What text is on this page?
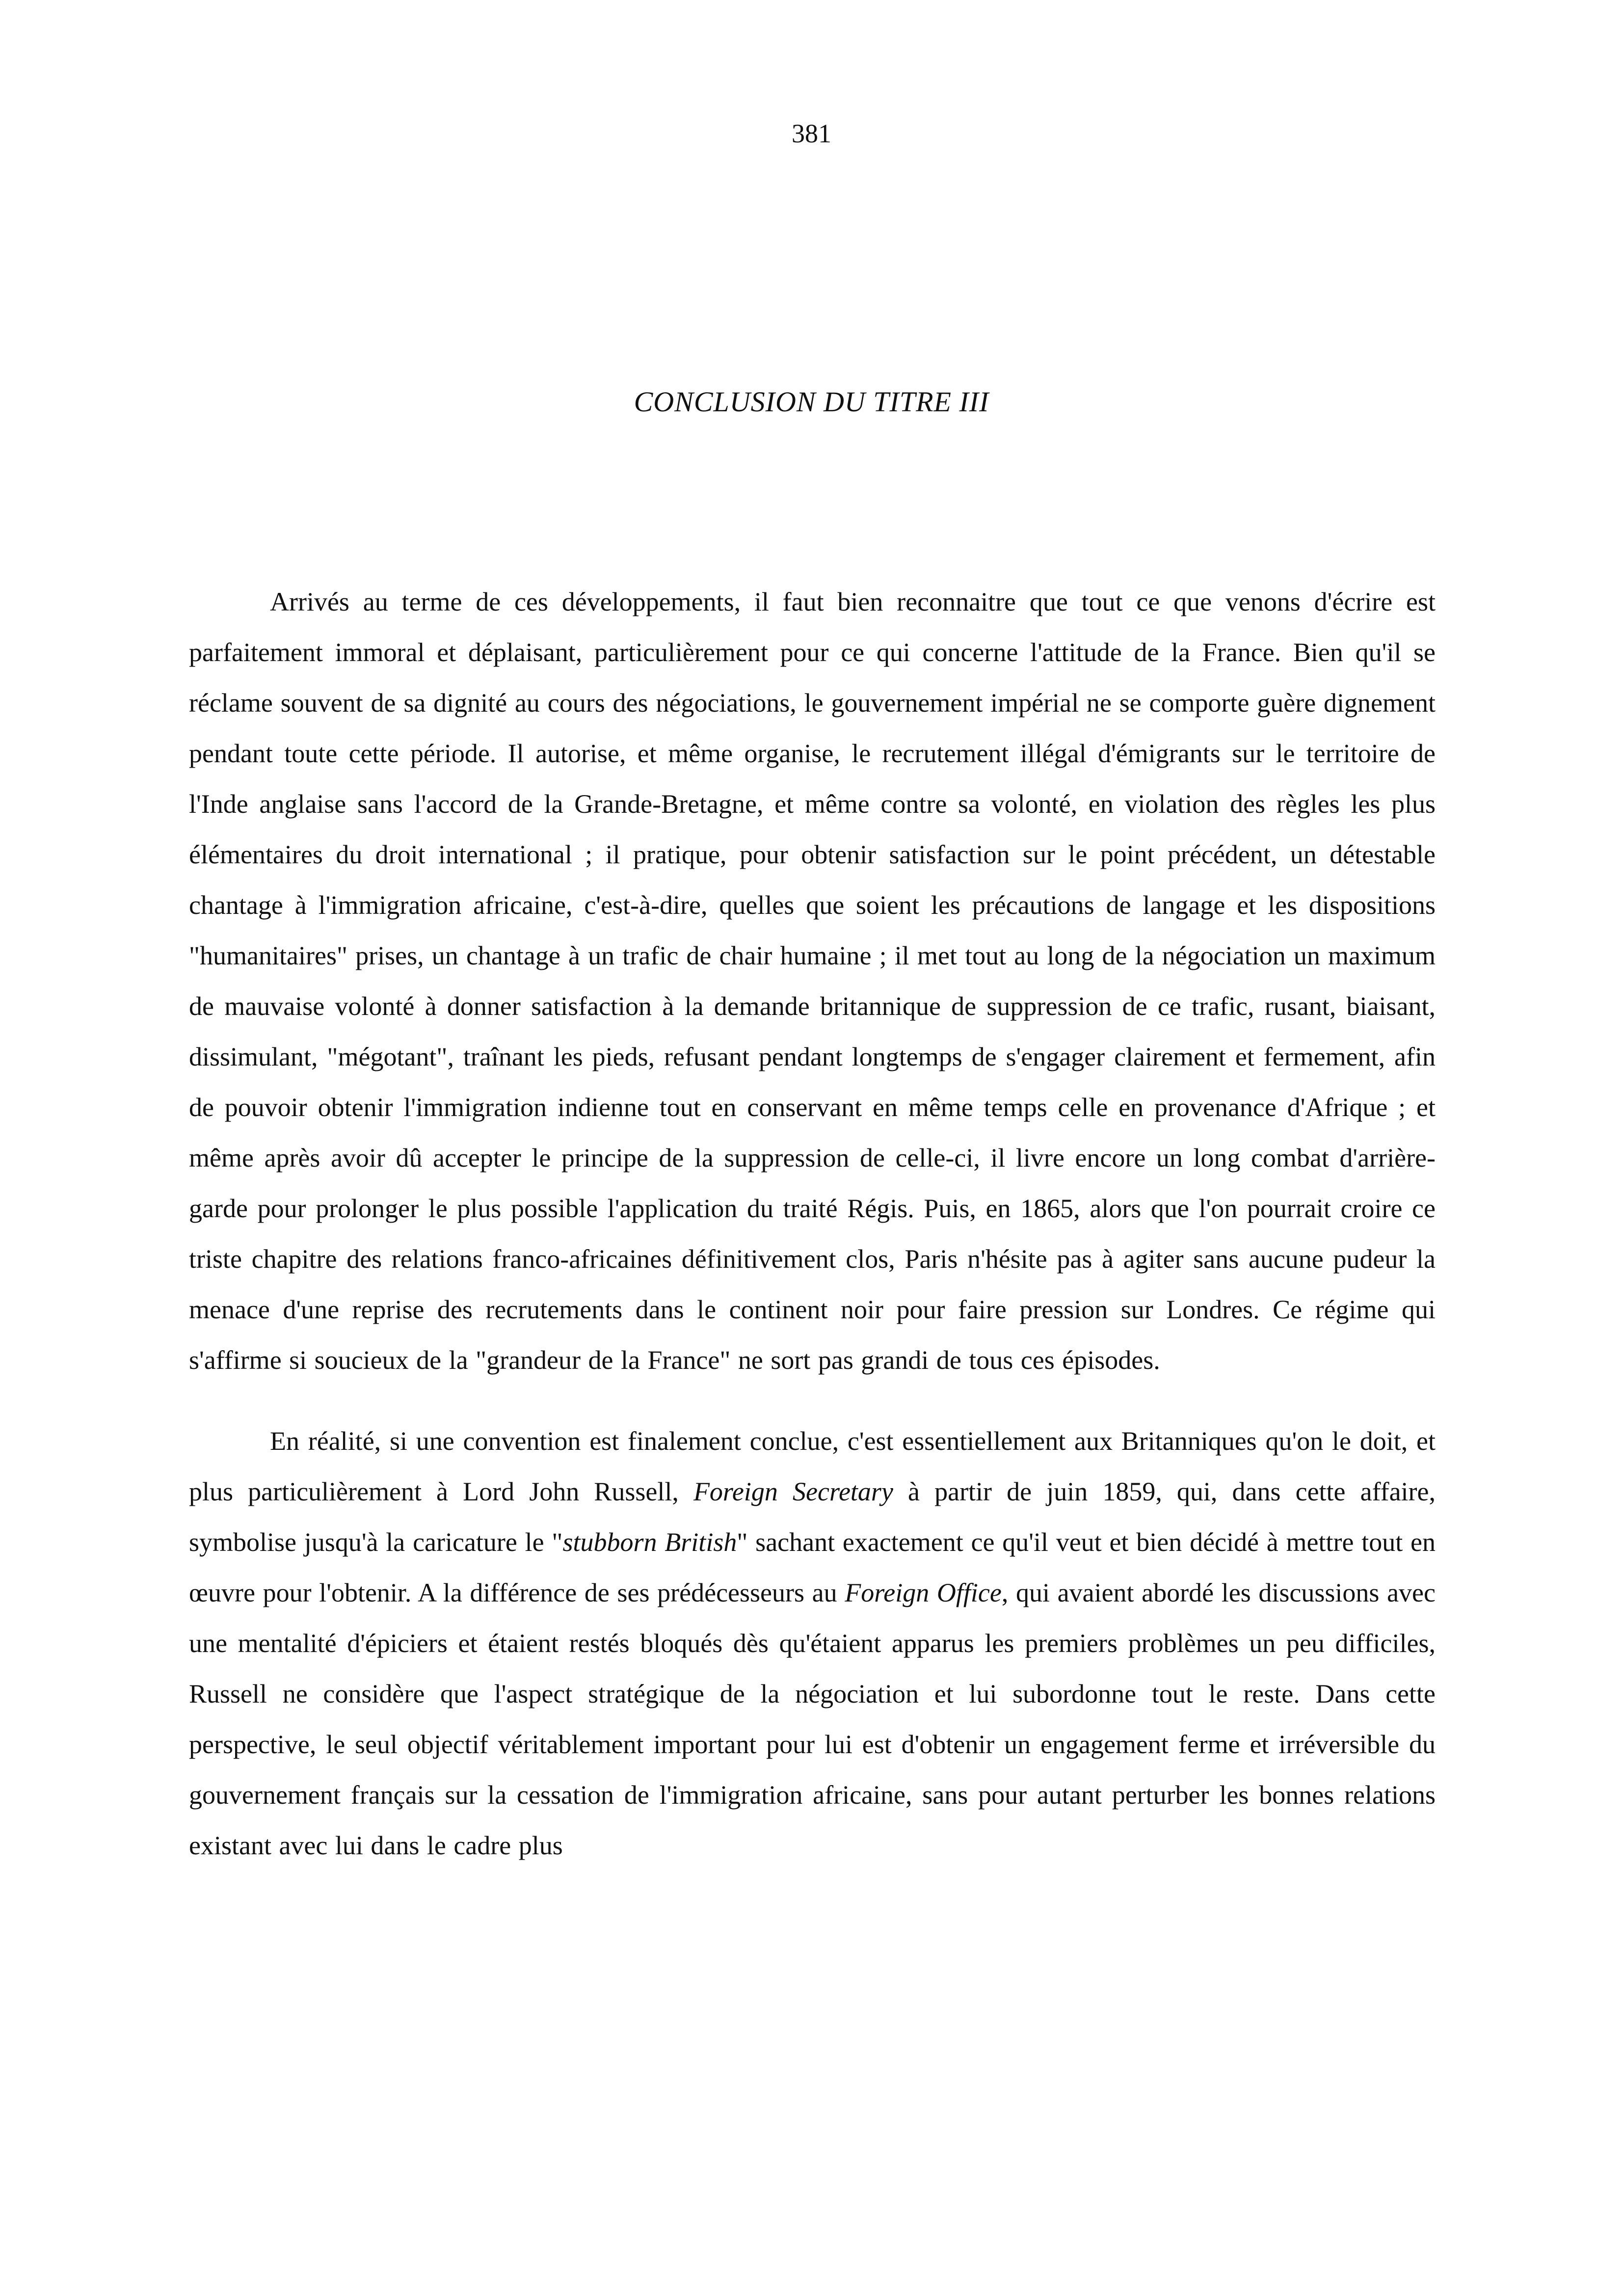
381
CONCLUSION DU TITRE III

Arrivés au terme de ces développements, il faut bien reconnaitre que tout ce que venons d'écrire est parfaitement immoral et déplaisant, particulièrement pour ce qui concerne l'attitude de la France. Bien qu'il se réclame souvent de sa dignité au cours des négociations, le gouvernement impérial ne se comporte guère dignement pendant toute cette période. Il autorise, et même organise, le recrutement illégal d'émigrants sur le territoire de l'Inde anglaise sans l'accord de la Grande-Bretagne, et même contre sa volonté, en violation des règles les plus élémentaires du droit international ; il pratique, pour obtenir satisfaction sur le point précédent, un détestable chantage à l'immigration africaine, c'est-à-dire, quelles que soient les précautions de langage et les dispositions "humanitaires" prises, un chantage à un trafic de chair humaine ; il met tout au long de la négociation un maximum de mauvaise volonté à donner satisfaction à la demande britannique de suppression de ce trafic, rusant, biaisant, dissimulant, "mégotant", traînant les pieds, refusant pendant longtemps de s'engager clairement et fermement, afin de pouvoir obtenir l'immigration indienne tout en conservant en même temps celle en provenance d'Afrique ; et même après avoir dû accepter le principe de la suppression de celle-ci, il livre encore un long combat d'arrière-garde pour prolonger le plus possible l'application du traité Régis. Puis, en 1865, alors que l'on pourrait croire ce triste chapitre des relations franco-africaines définitivement clos, Paris n'hésite pas à agiter sans aucune pudeur la menace d'une reprise des recrutements dans le continent noir pour faire pression sur Londres. Ce régime qui s'affirme si soucieux de la "grandeur de la France" ne sort pas grandi de tous ces épisodes.

En réalité, si une convention est finalement conclue, c'est essentiellement aux Britanniques qu'on le doit, et plus particulièrement à Lord John Russell, Foreign Secretary à partir de juin 1859, qui, dans cette affaire, symbolise jusqu'à la caricature le "stubborn British" sachant exactement ce qu'il veut et bien décidé à mettre tout en œuvre pour l'obtenir. A la différence de ses prédécesseurs au Foreign Office, qui avaient abordé les discussions avec une mentalité d'épiciers et étaient restés bloqués dès qu'étaient apparus les premiers problèmes un peu difficiles, Russell ne considère que l'aspect stratégique de la négociation et lui subordonne tout le reste. Dans cette perspective, le seul objectif véritablement important pour lui est d'obtenir un engagement ferme et irréversible du gouvernement français sur la cessation de l'immigration africaine, sans pour autant perturber les bonnes relations existant avec lui dans le cadre plus
